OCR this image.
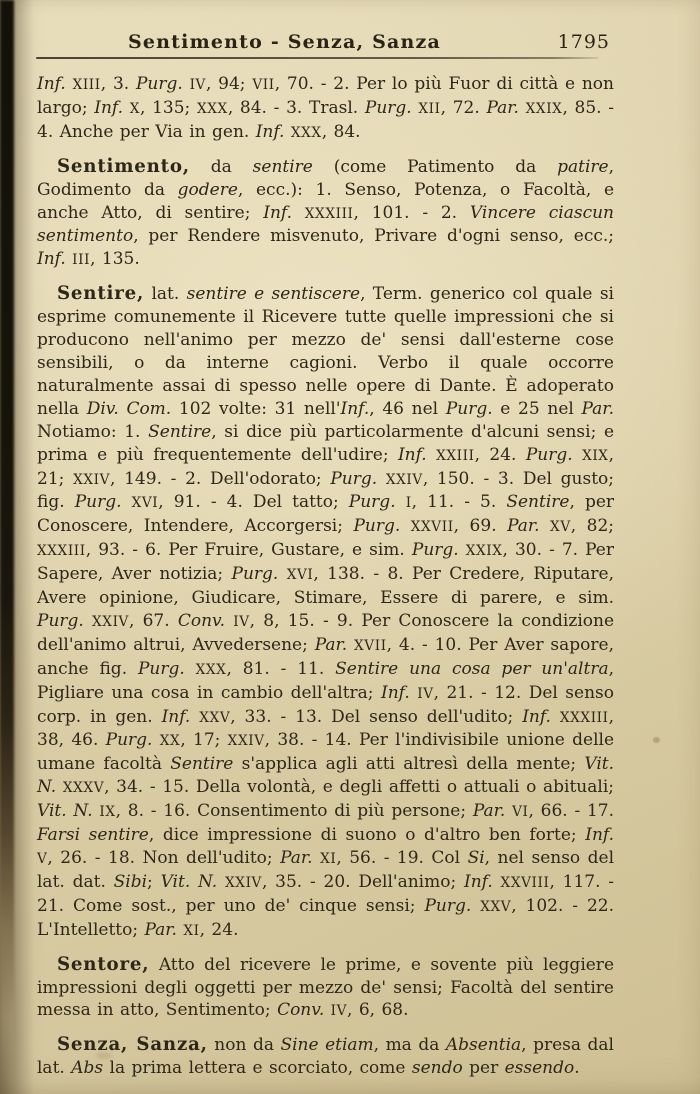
Sentimento - Senza, Sanza	1795

Inf. XIII, 3. Purg. IV, 94; VII, 70. - 2. Per lo più Fuor di città e non largo; Inf. X, 135; XXX, 84. - 3. Trasl. Purg. XII, 72. Par. XXIX, 85. - 4. Anche per Via in gen. Inf. XXX, 84.

Sentimento, da sentire (come Patimento da patire, Godimento da godere, ecc.): 1. Senso, Potenza, o Facoltà, e anche Atto, di sentire; Inf. XXXIII, 101. - 2. Vincere ciascun sentimento, per Rendere misvenuto, Privare d'ogni senso, ecc.; Inf. III, 135.

Sentire, lat. sentire e sentiscere, Term. generico col quale si esprime comunemente il Ricevere tutte quelle impressioni che si producono nell'animo per mezzo de' sensi dall'esterne cose sensibili, o da interne cagioni. Verbo il quale occorre naturalmente assai di spesso nelle opere di Dante. È adoperato nella Div. Com. 102 volte: 31 nell'Inf., 46 nel Purg. e 25 nel Par. Notiamo: 1. Sentire, si dice più particolarmente d'alcuni sensi; e prima e più frequentemente dell'udire; Inf. XXIII, 24. Purg. XIX, 21; XXIV, 149. - 2. Dell'odorato; Purg. XXIV, 150. - 3. Del gusto; fig. Purg. XVI, 91. - 4. Del tatto; Purg. I, 11. - 5. Sentire, per Conoscere, Intendere, Accorgersi; Purg. XXVII, 69. Par. XV, 82; XXXIII, 93. - 6. Per Fruire, Gustare, e sim. Purg. XXIX, 30. - 7. Per Sapere, Aver notizia; Purg. XVI, 138. - 8. Per Credere, Riputare, Avere opinione, Giudicare, Stimare, Essere di parere, e sim. Purg. XXIV, 67. Conv. IV, 8, 15. - 9. Per Conoscere la condizione dell'animo altrui, Avvedersene; Par. XVII, 4. - 10. Per Aver sapore, anche fig. Purg. XXX, 81. - 11. Sentire una cosa per un'altra, Pigliare una cosa in cambio dell'altra; Inf. IV, 21. - 12. Del senso corp. in gen. Inf. XXV, 33. - 13. Del senso dell'udito; Inf. XXXIII, 38, 46. Purg. XX, 17; XXIV, 38. - 14. Per l'indivisibile unione delle umane facoltà Sentire s'applica agli atti altresì della mente; Vit. N. XXXV, 34. - 15. Della volontà, e degli affetti o attuali o abituali; Vit. N. IX, 8. - 16. Consentimento di più persone; Par. VI, 66. - 17. Farsi sentire, dice impressione di suono o d'altro ben forte; Inf. V, 26. - 18. Non dell'udito; Par. XI, 56. - 19. Col Si, nel senso del lat. dat. Sibi; Vit. N. XXIV, 35. - 20. Dell'animo; Inf. XXVIII, 117. - 21. Come sost., per uno de' cinque sensi; Purg. XXV, 102. - 22. L'Intelletto; Par. XI, 24.

Sentore, Atto del ricevere le prime, e sovente più leggiere impressioni degli oggetti per mezzo de' sensi; Facoltà del sentire messa in atto, Sentimento; Conv. IV, 6, 68.

Senza, Sanza, non da Sine etiam, ma da Absentia, presa dal lat. Abs la prima lettera e scorciato, come sendo per essendo.
